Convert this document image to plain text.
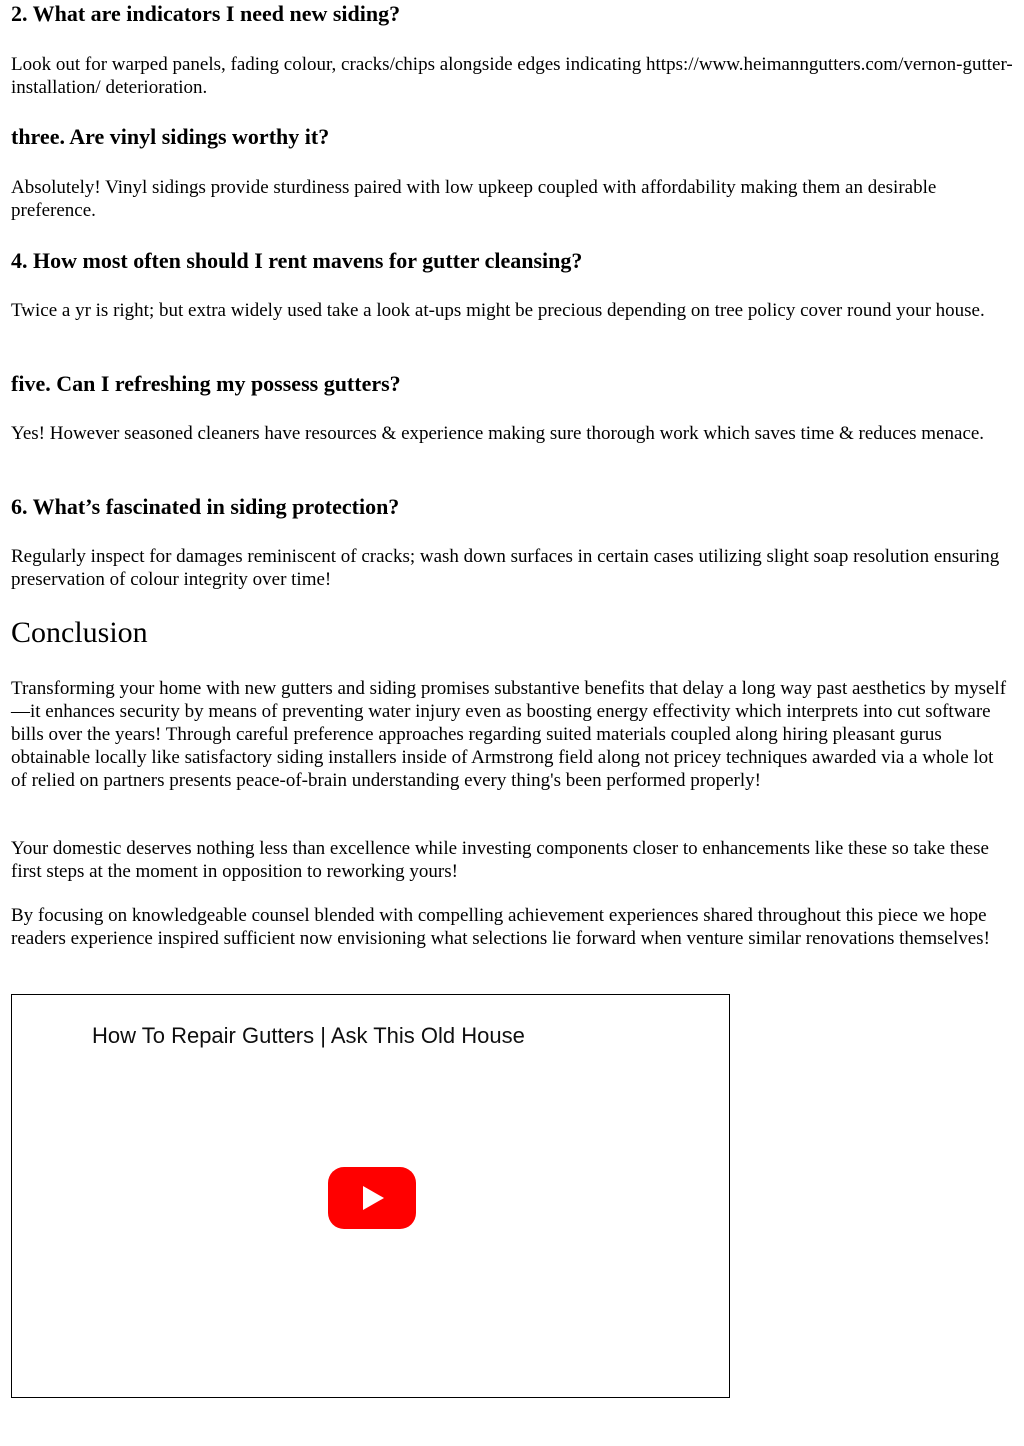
2. What are indicators I need new siding?

Look out for warped panels, fading colour, cracks/chips alongside edges indicating https://www.heimanngutters.com/vernon-gutter-installation/ deterioration.

three. Are vinyl sidings worthy it?

Absolutely! Vinyl sidings provide sturdiness paired with low upkeep coupled with affordability making them an desirable preference.

4. How most often should I rent mavens for gutter cleansing?

Twice a yr is right; but extra widely used take a look at-ups might be precious depending on tree policy cover round your house.

five. Can I refreshing my possess gutters?

Yes! However seasoned cleaners have resources & experience making sure thorough work which saves time & reduces menace.

6. What’s fascinated in siding protection?

Regularly inspect for damages reminiscent of cracks; wash down surfaces in certain cases utilizing slight soap resolution ensuring preservation of colour integrity over time!

Conclusion

Transforming your home with new gutters and siding promises substantive benefits that delay a long way past aesthetics by myself—it enhances security by means of preventing water injury even as boosting energy effectivity which interprets into cut software bills over the years! Through careful preference approaches regarding suited materials coupled along hiring pleasant gurus obtainable locally like satisfactory siding installers inside of Armstrong field along not pricey techniques awarded via a whole lot of relied on partners presents peace-of-brain understanding every thing's been performed properly!

Your domestic deserves nothing less than excellence while investing components closer to enhancements like these so take these first steps at the moment in opposition to reworking yours!

By focusing on knowledgeable counsel blended with compelling achievement experiences shared throughout this piece we hope readers experience inspired sufficient now envisioning what selections lie forward when venture similar renovations themselves!

How To Repair Gutters | Ask This Old House
